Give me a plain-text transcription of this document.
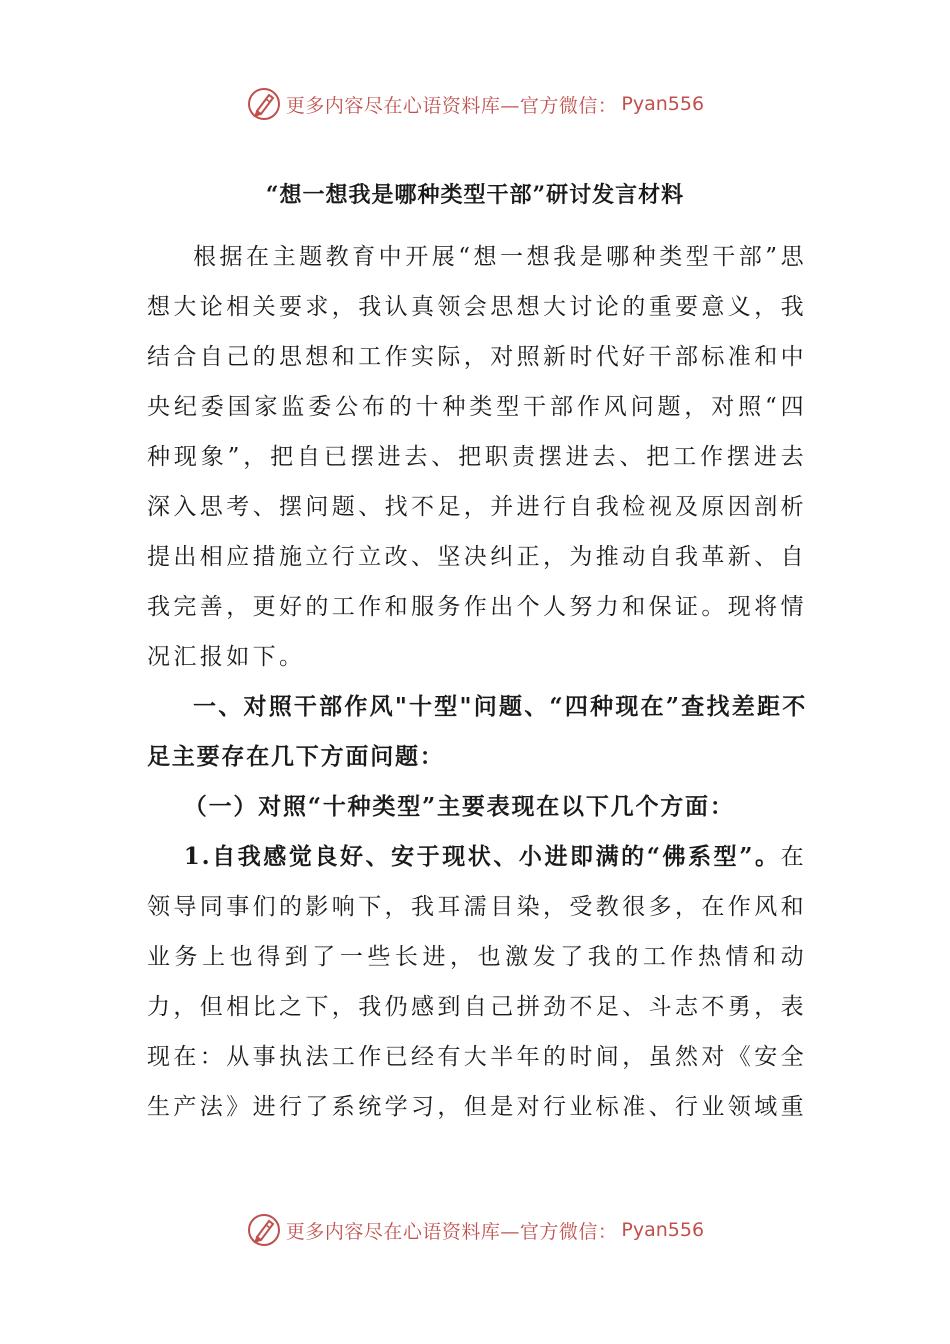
更多内容尽在心语资料库—官方微信： Pyan556
“想一想我是哪种类型干部”研讨发言材料

根据在主题教育中开展“想一想我是哪种类型干部”思想大论相关要求，我认真领会思想大讨论的重要意义，我结合自己的思想和工作实际，对照新时代好干部标准和中央纪委国家监委公布的十种类型干部作风问题，对照“四种现象”，把自已摆进去、把职责摆进去、把工作摆进去深入思考、摆问题、找不足，并进行自我检视及原因剖析提出相应措施立行立改、坚决纠正，为推动自我革新、自我完善，更好的工作和服务作出个人努力和保证。现将情况汇报如下。

一、对照干部作风"十型"问题、“四种现在”查找差距不足主要存在几下方面问题：

（一）对照“十种类型”主要表现在以下几个方面：

1.自我感觉良好、安于现状、小进即满的“佛系型”。在领导同事们的影响下，我耳濡目染，受教很多，在作风和业务上也得到了一些长进，也激发了我的工作热情和动力，但相比之下，我仍感到自己拼劲不足、斗志不勇，表现在：从事执法工作已经有大半年的时间，虽然对《安全生产法》进行了系统学习，但是对行业标准、行业领域重

更多内容尽在心语资料库—官方微信： Pyan556
